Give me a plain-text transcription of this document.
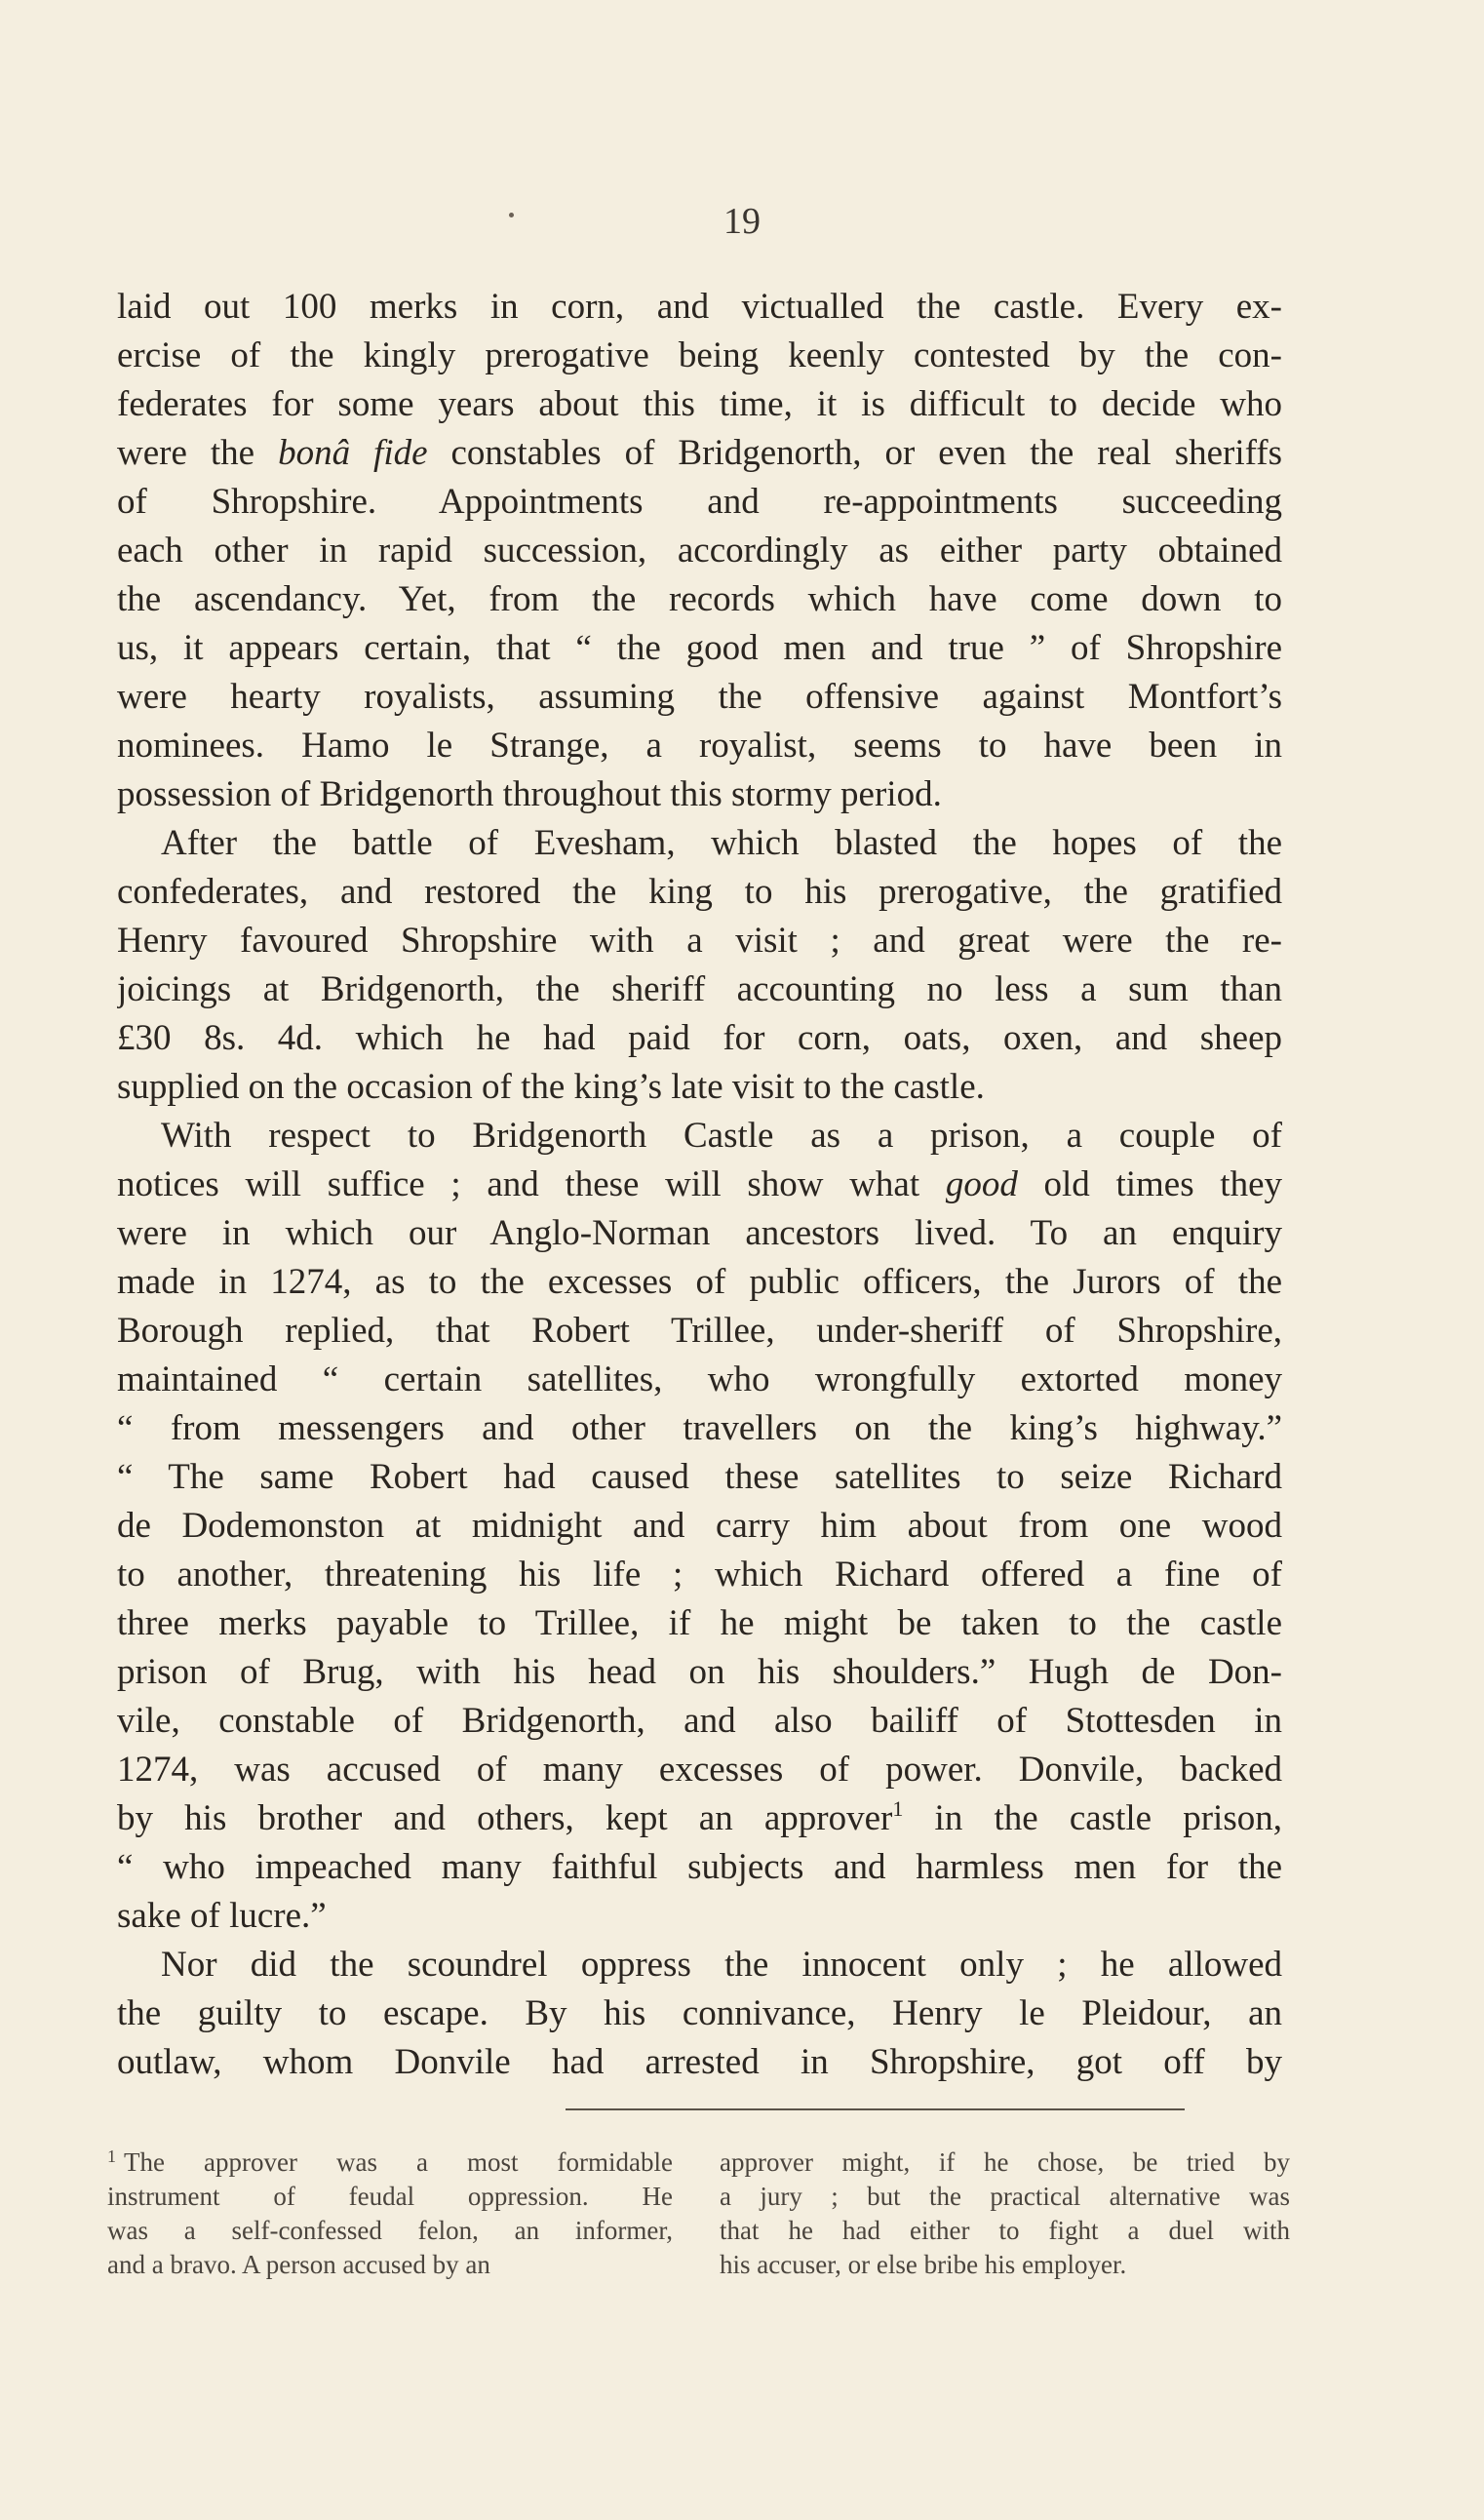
19
laid out 100 merks in corn, and victualled the castle. Every ex-
ercise of the kingly prerogative being keenly contested by the con-
federates for some years about this time, it is difficult to decide who
were the bonâ fide constables of Bridgenorth, or even the real sheriffs
of Shropshire. Appointments and re-appointments succeeding
each other in rapid succession, accordingly as either party obtained
the ascendancy. Yet, from the records which have come down to
us, it appears certain, that “ the good men and true ” of Shropshire
were hearty royalists, assuming the offensive against Montfort’s
nominees. Hamo le Strange, a royalist, seems to have been in
possession of Bridgenorth throughout this stormy period.
After the battle of Evesham, which blasted the hopes of the
confederates, and restored the king to his prerogative, the gratified
Henry favoured Shropshire with a visit ; and great were the re-
joicings at Bridgenorth, the sheriff accounting no less a sum than
£30 8s. 4d. which he had paid for corn, oats, oxen, and sheep
supplied on the occasion of the king’s late visit to the castle.
With respect to Bridgenorth Castle as a prison, a couple of
notices will suffice ; and these will show what good old times they
were in which our Anglo-Norman ancestors lived. To an enquiry
made in 1274, as to the excesses of public officers, the Jurors of the
Borough replied, that Robert Trillee, under-sheriff of Shropshire,
maintained “ certain satellites, who wrongfully extorted money
“ from messengers and other travellers on the king’s highway.”
“ The same Robert had caused these satellites to seize Richard
de Dodemonston at midnight and carry him about from one wood
to another, threatening his life ; which Richard offered a fine of
three merks payable to Trillee, if he might be taken to the castle
prison of Brug, with his head on his shoulders.” Hugh de Don-
vile, constable of Bridgenorth, and also bailiff of Stottesden in
1274, was accused of many excesses of power. Donvile, backed
by his brother and others, kept an approver$^1$ in the castle prison,
“ who impeached many faithful subjects and harmless men for the
sake of lucre.”
Nor did the scoundrel oppress the innocent only ; he allowed
the guilty to escape. By his connivance, Henry le Pleidour, an
outlaw, whom Donvile had arrested in Shropshire, got off by
$^1$ The approver was a most formidable
instrument of feudal oppression. He
was a self-confessed felon, an informer,
and a bravo. A person accused by an
approver might, if he chose, be tried by
a jury ; but the practical alternative was
that he had either to fight a duel with
his accuser, or else bribe his employer.
